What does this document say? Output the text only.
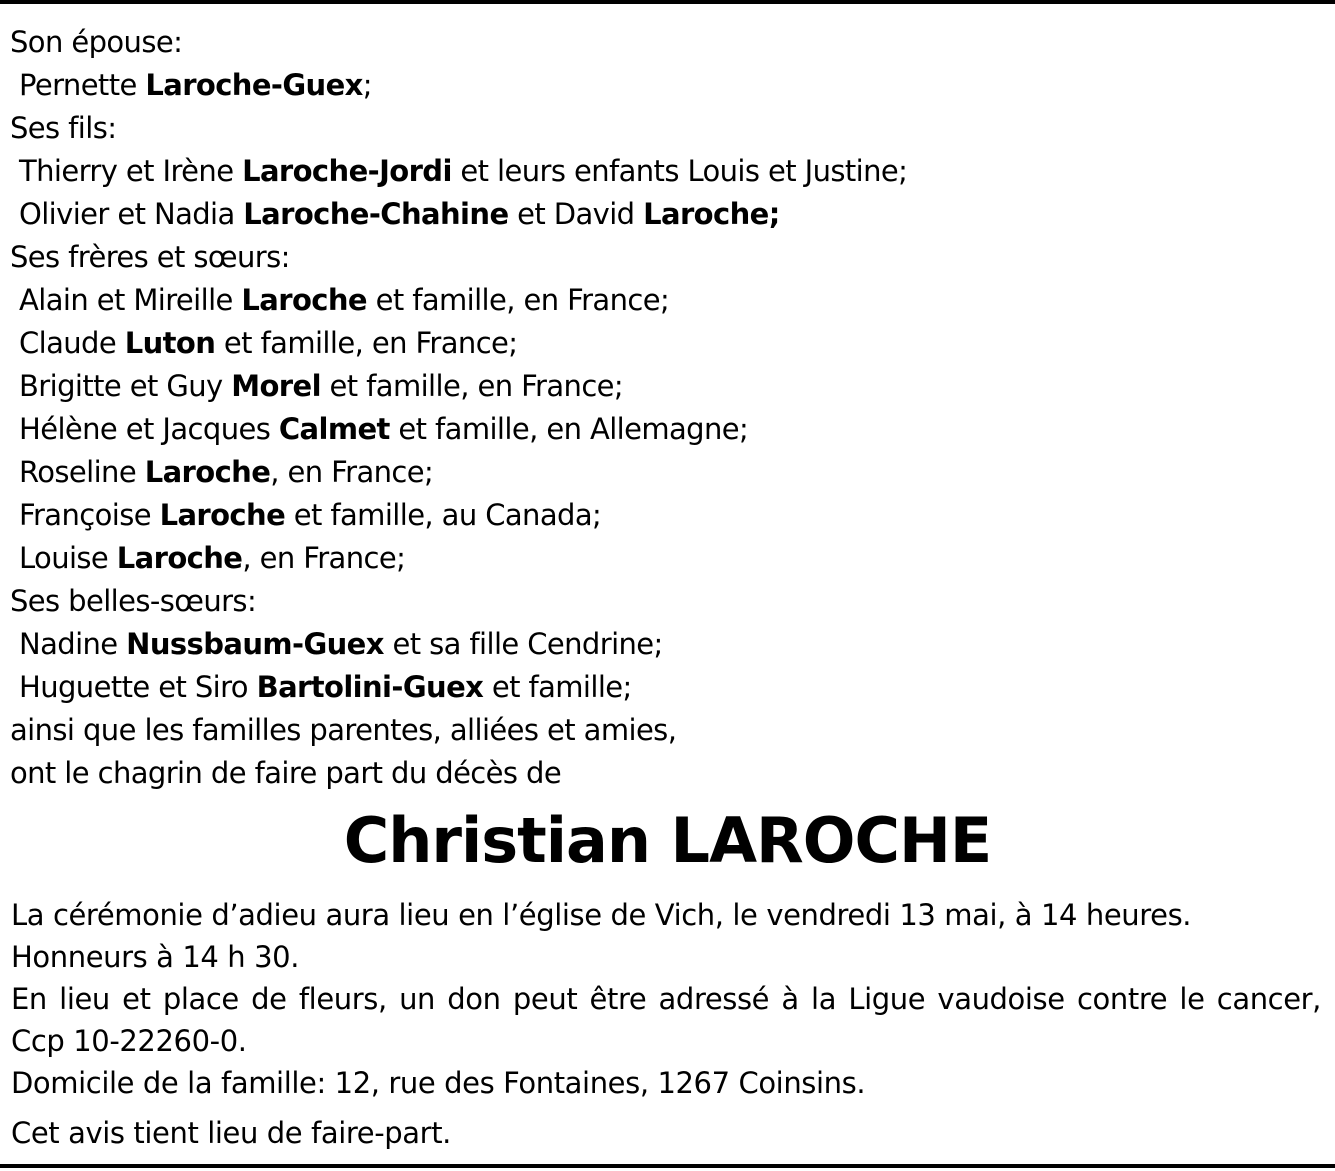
Son épouse:
Pernette Laroche-Guex;
Ses fils:
Thierry et Irène Laroche-Jordi et leurs enfants Louis et Justine;
Olivier et Nadia Laroche-Chahine et David Laroche;
Ses frères et sœurs:
Alain et Mireille Laroche et famille, en France;
Claude Luton et famille, en France;
Brigitte et Guy Morel et famille, en France;
Hélène et Jacques Calmet et famille, en Allemagne;
Roseline Laroche, en France;
Françoise Laroche et famille, au Canada;
Louise Laroche, en France;
Ses belles-sœurs:
Nadine Nussbaum-Guex et sa fille Cendrine;
Huguette et Siro Bartolini-Guex et famille;
ainsi que les familles parentes, alliées et amies,
ont le chagrin de faire part du décès de
Christian LAROCHE

La cérémonie d’adieu aura lieu en l’église de Vich, le vendredi 13 mai, à 14 heures.

Honneurs à 14 h 30.

En lieu et place de fleurs, un don peut être adressé à la Ligue vaudoise contre le cancer, Ccp 10-22260-0.

Domicile de la famille: 12, rue des Fontaines, 1267 Coinsins.

Cet avis tient lieu de faire-part.
